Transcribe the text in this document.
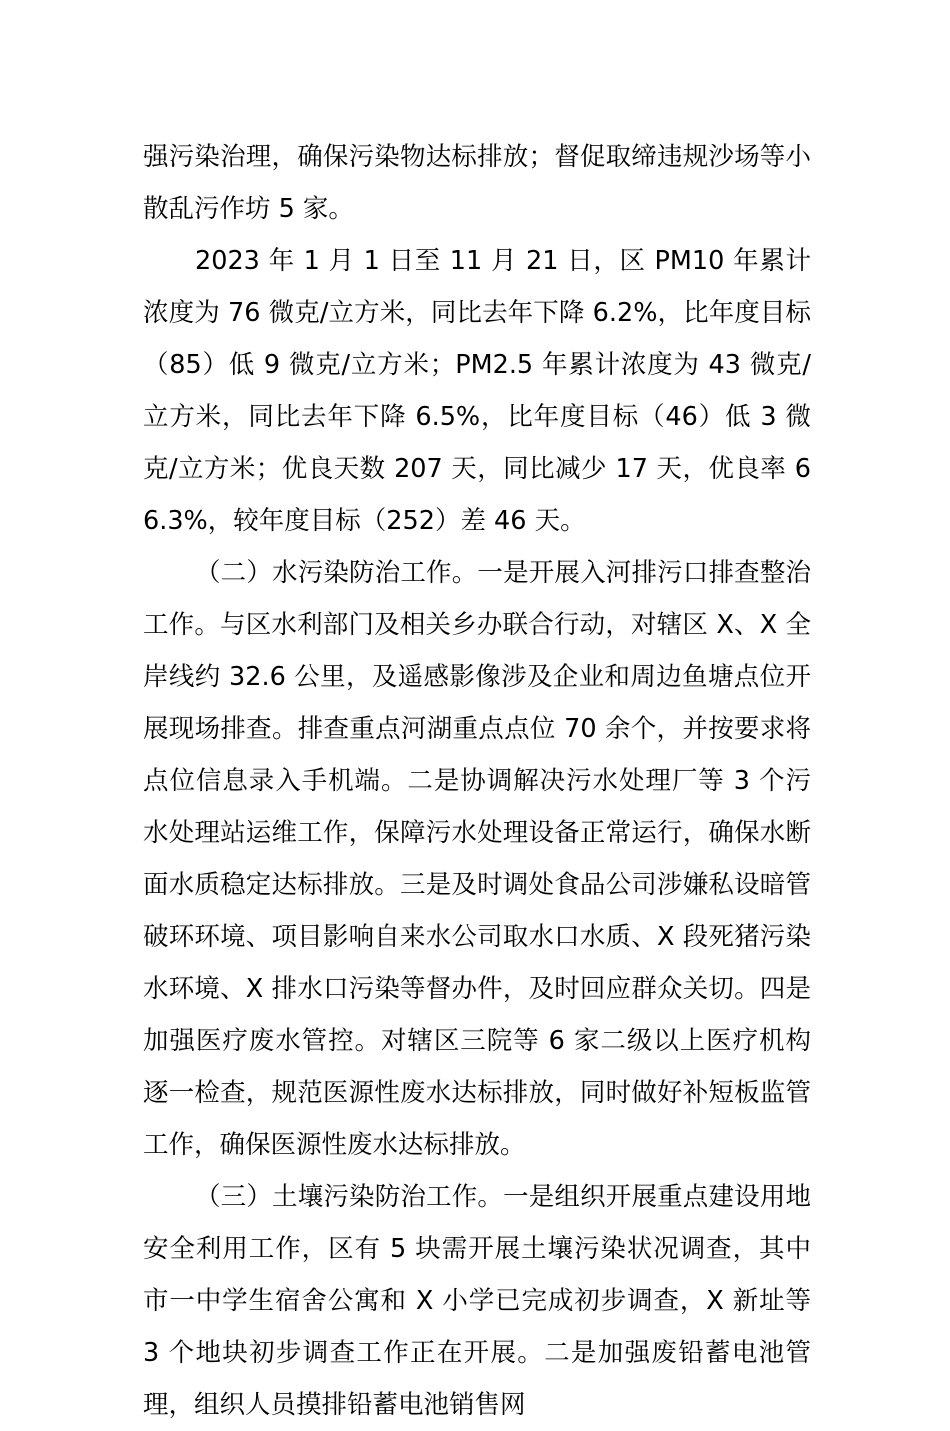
强污染治理，确保污染物达标排放；督促取缔违规沙场等小散乱污作坊 5 家。

2023 年 1 月 1 日至 11 月 21 日，区 PM10 年累计浓度为 76 微克/立方米，同比去年下降 6.2%，比年度目标（85）低 9 微克/立方米；PM2.5 年累计浓度为 43 微克/立方米，同比去年下降 6.5%，比年度目标（46）低 3 微克/立方米；优良天数 207 天，同比减少 17 天，优良率 66.3%，较年度目标（252）差 46 天。

（二）水污染防治工作。一是开展入河排污口排查整治工作。与区水利部门及相关乡办联合行动，对辖区 X、X 全岸线约 32.6 公里，及遥感影像涉及企业和周边鱼塘点位开展现场排查。排查重点河湖重点点位 70 余个，并按要求将点位信息录入手机端。二是协调解决污水处理厂等 3 个污水处理站运维工作，保障污水处理设备正常运行，确保水断面水质稳定达标排放。三是及时调处食品公司涉嫌私设暗管破环环境、项目影响自来水公司取水口水质、X 段死猪污染水环境、X 排水口污染等督办件，及时回应群众关切。四是加强医疗废水管控。对辖区三院等 6 家二级以上医疗机构逐一检查，规范医源性废水达标排放，同时做好补短板监管工作，确保医源性废水达标排放。

（三）土壤污染防治工作。一是组织开展重点建设用地安全利用工作，区有 5 块需开展土壤污染状况调查，其中市一中学生宿舍公寓和 X 小学已完成初步调查，X 新址等 3 个地块初步调查工作正在开展。二是加强废铅蓄电池管理，组织人员摸排铅蓄电池销售网
